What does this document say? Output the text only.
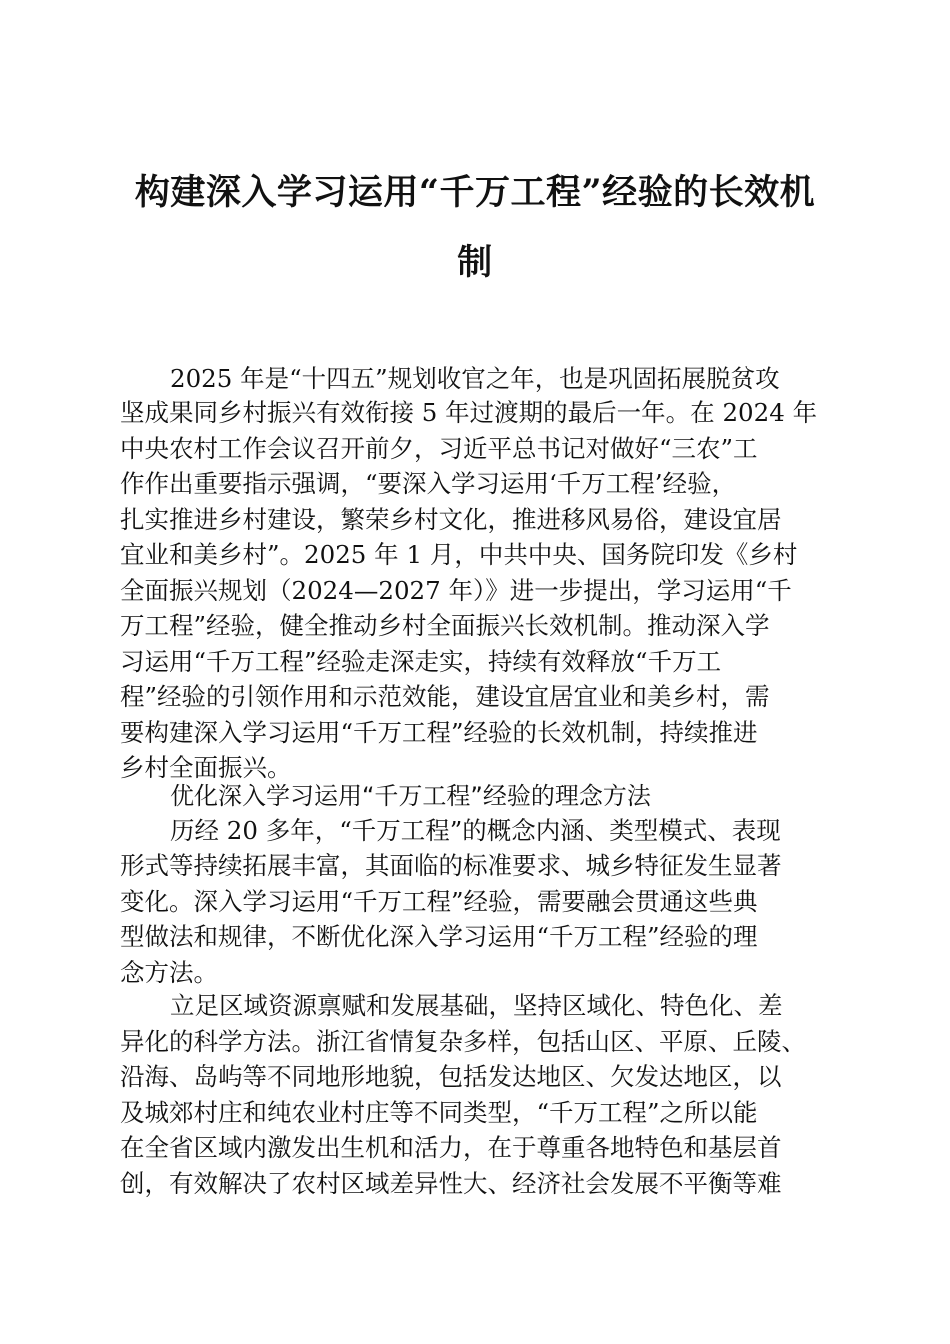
构建深入学习运用“千万工程”经验的长效机
制

2025 年是“十四五”规划收官之年，也是巩固拓展脱贫攻

坚成果同乡村振兴有效衔接 5 年过渡期的最后一年。在 2024 年

中央农村工作会议召开前夕，习近平总书记对做好“三农”工

作作出重要指示强调，“要深入学习运用‘千万工程’经验，

扎实推进乡村建设，繁荣乡村文化，推进移风易俗，建设宜居

宜业和美乡村”。2025 年 1 月，中共中央、国务院印发《乡村

全面振兴规划（2024—2027 年）》进一步提出，学习运用“千

万工程”经验，健全推动乡村全面振兴长效机制。推动深入学

习运用“千万工程”经验走深走实，持续有效释放“千万工

程”经验的引领作用和示范效能，建设宜居宜业和美乡村，需

要构建深入学习运用“千万工程”经验的长效机制，持续推进

乡村全面振兴。

优化深入学习运用“千万工程”经验的理念方法

历经 20 多年，“千万工程”的概念内涵、类型模式、表现

形式等持续拓展丰富，其面临的标准要求、城乡特征发生显著

变化。深入学习运用“千万工程”经验，需要融会贯通这些典

型做法和规律，不断优化深入学习运用“千万工程”经验的理

念方法。

立足区域资源禀赋和发展基础，坚持区域化、特色化、差

异化的科学方法。浙江省情复杂多样，包括山区、平原、丘陵、

沿海、岛屿等不同地形地貌，包括发达地区、欠发达地区，以

及城郊村庄和纯农业村庄等不同类型，“千万工程”之所以能

在全省区域内激发出生机和活力，在于尊重各地特色和基层首

创，有效解决了农村区域差异性大、经济社会发展不平衡等难
